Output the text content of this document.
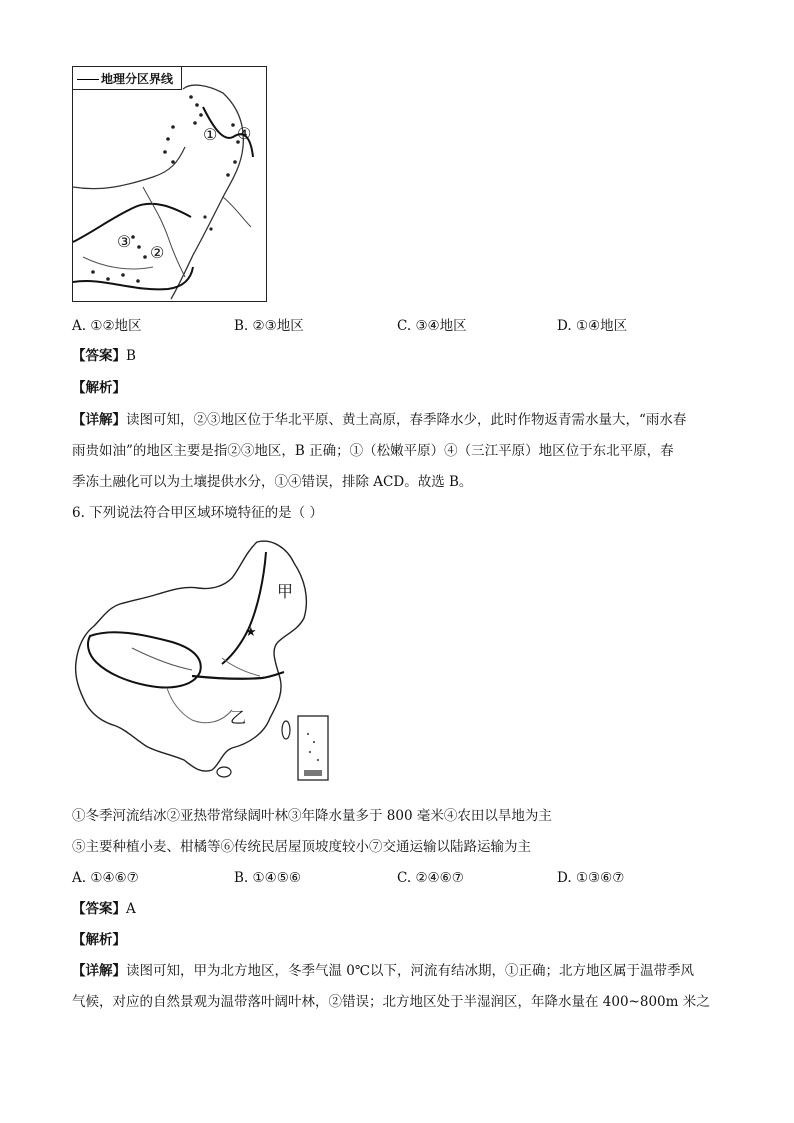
地理分区界线
① ④
③
②
A. ①②地区	B. ②③地区	C. ③④地区	D. ①④地区
【答案】B
【解析】
【详解】读图可知，②③地区位于华北平原、黄土高原，春季降水少，此时作物返青需水量大，“雨水春
雨贵如油”的地区主要是指②③地区，B 正确；①（松嫩平原）④（三江平原）地区位于东北平原，春
季冻土融化可以为土壤提供水分，①④错误，排除 ACD。故选 B。
6. 下列说法符合甲区域环境特征的是（ ）
甲
乙
★
①冬季河流结冰②亚热带常绿阔叶林③年降水量多于 800 毫米④农田以旱地为主
⑤主要种植小麦、柑橘等⑥传统民居屋顶坡度较小⑦交通运输以陆路运输为主
A. ①④⑥⑦	B. ①④⑤⑥	C. ②④⑥⑦	D. ①③⑥⑦
【答案】A
【解析】
【详解】读图可知，甲为北方地区，冬季气温 0℃以下，河流有结冰期，①正确；北方地区属于温带季风
气候，对应的自然景观为温带落叶阔叶林，②错误；北方地区处于半湿润区，年降水量在 400~800m 米之
